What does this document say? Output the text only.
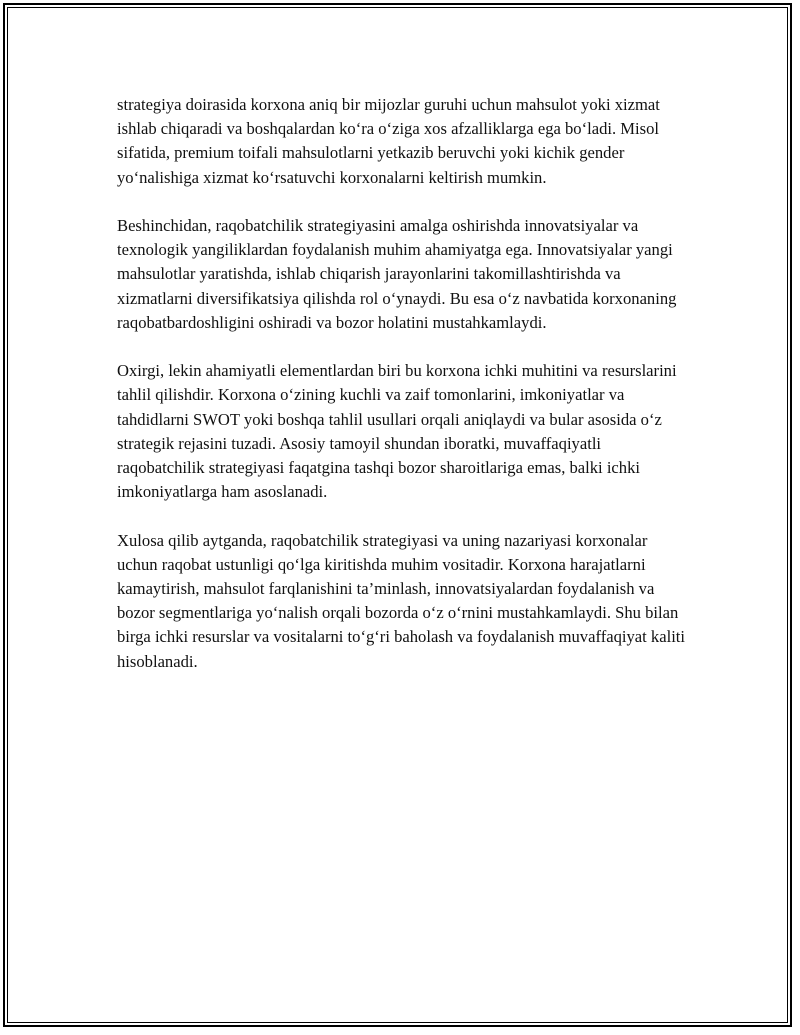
strategiya doirasida korxona aniq bir mijozlar guruhi uchun mahsulot yoki xizmat ishlab chiqaradi va boshqalardan ko‘ra o‘ziga xos afzalliklarga ega bo‘ladi. Misol sifatida, premium toifali mahsulotlarni yetkazib beruvchi yoki kichik gender yo‘nalishiga xizmat ko‘rsatuvchi korxonalarni keltirish mumkin.

Beshinchidan, raqobatchilik strategiyasini amalga oshirishda innovatsiyalar va texnologik yangiliklardan foydalanish muhim ahamiyatga ega. Innovatsiyalar yangi mahsulotlar yaratishda, ishlab chiqarish jarayonlarini takomillashtirishda va xizmatlarni diversifikatsiya qilishda rol o‘ynaydi. Bu esa o‘z navbatida korxonaning raqobatbardoshligini oshiradi va bozor holatini mustahkamlaydi.

Oxirgi, lekin ahamiyatli elementlardan biri bu korxona ichki muhitini va resurslarini tahlil qilishdir. Korxona o‘zining kuchli va zaif tomonlarini, imkoniyatlar va tahdidlarni SWOT yoki boshqa tahlil usullari orqali aniqlaydi va bular asosida o‘z strategik rejasini tuzadi. Asosiy tamoyil shundan iboratki, muvaffaqiyatli raqobatchilik strategiyasi faqatgina tashqi bozor sharoitlariga emas, balki ichki imkoniyatlarga ham asoslanadi.

Xulosa qilib aytganda, raqobatchilik strategiyasi va uning nazariyasi korxonalar uchun raqobat ustunligi qo‘lga kiritishda muhim vositadir. Korxona harajatlarni kamaytirish, mahsulot farqlanishini ta’minlash, innovatsiyalardan foydalanish va bozor segmentlariga yo‘nalish orqali bozorda o‘z o‘rnini mustahkamlaydi. Shu bilan birga ichki resurslar va vositalarni to‘g‘ri baholash va foydalanish muvaffaqiyat kaliti hisoblanadi.
